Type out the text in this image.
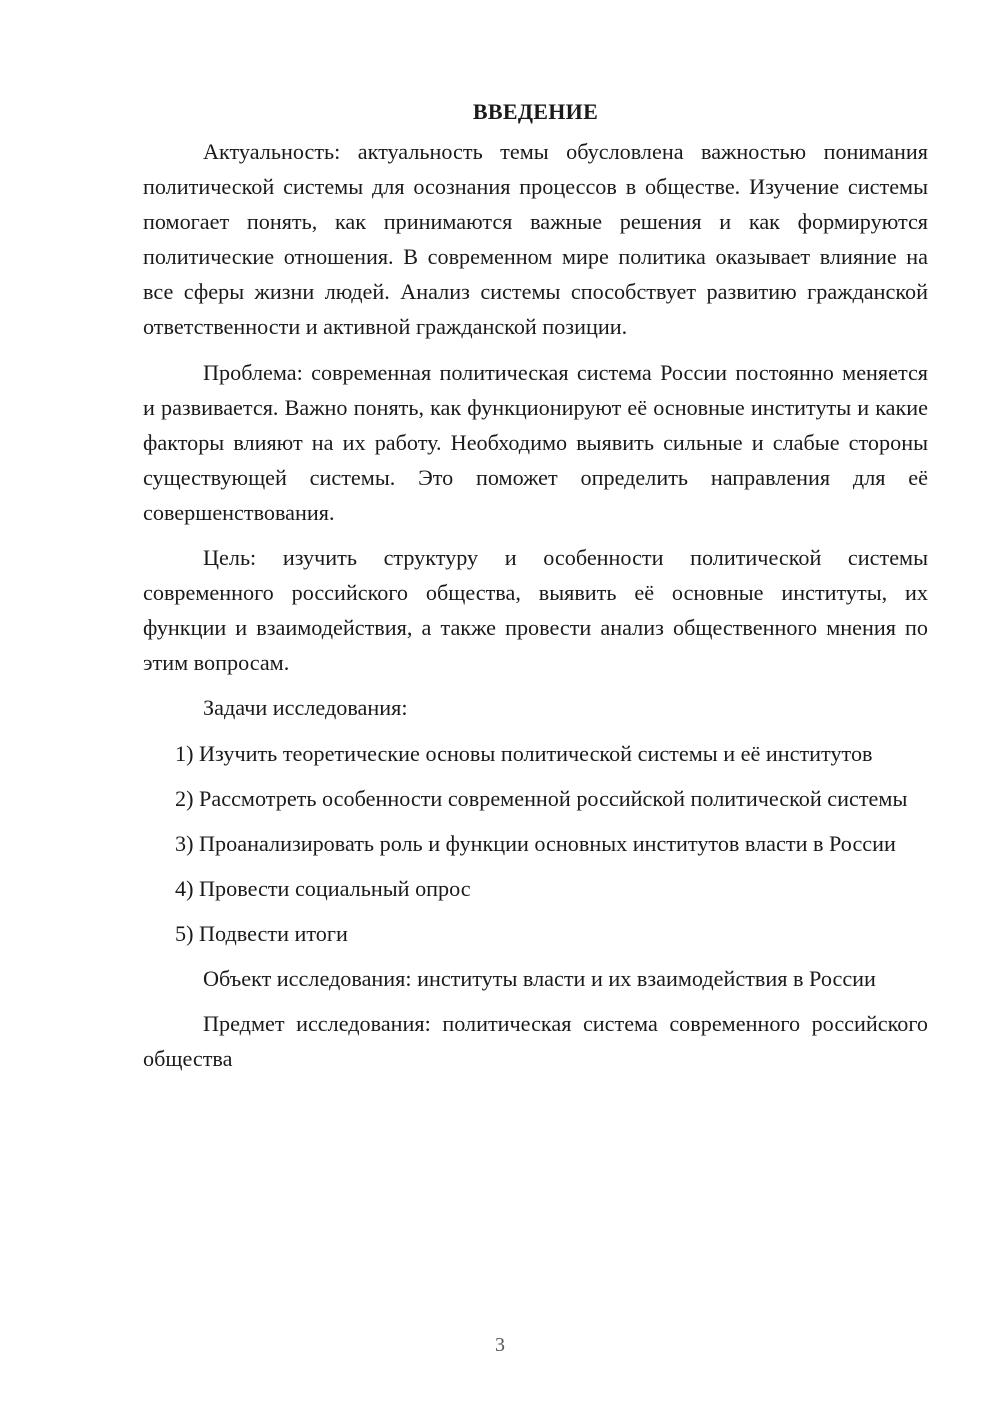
ВВЕДЕНИЕ

Актуальность: актуальность темы обусловлена важностью понимания политической системы для осознания процессов в обществе. Изучение системы помогает понять, как принимаются важные решения и как формируются политические отношения. В современном мире политика оказывает влияние на все сферы жизни людей. Анализ системы способствует развитию гражданской ответственности и активной гражданской позиции.

Проблема: современная политическая система России постоянно меняется и развивается. Важно понять, как функционируют её основные институты и какие факторы влияют на их работу. Необходимо выявить сильные и слабые стороны существующей системы. Это поможет определить направления для её совершенствования.

Цель: изучить структуру и особенности политической системы современного российского общества, выявить её основные институты, их функции и взаимодействия, а также провести анализ общественного мнения по этим вопросам.

Задачи исследования:

1) Изучить теоретические основы политической системы и её институтов
2) Рассмотреть особенности современной российской политической системы
3) Проанализировать роль и функции основных институтов власти в России
4) Провести социальный опрос
5) Подвести итоги

Объект исследования: институты власти и их взаимодействия в России

Предмет исследования: политическая система современного российского общества

3
